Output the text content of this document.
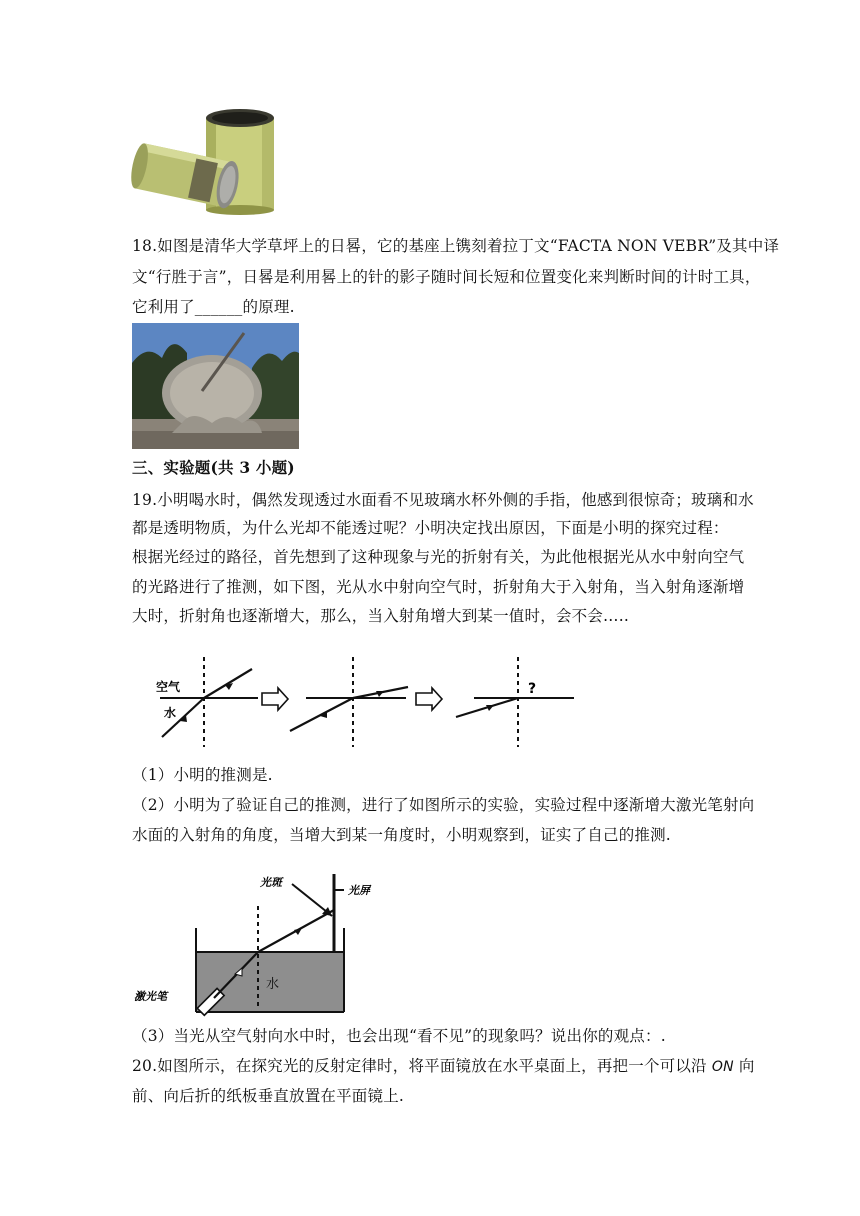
18.如图是清华大学草坪上的日晷，它的基座上镌刻着拉丁文“FACTA NON VEBR”及其中译
文“行胜于言”，日晷是利用晷上的针的影子随时间长短和位置变化来判断时间的计时工具，
它利用了______的原理.
三、实验题(共 3 小题)
19.小明喝水时，偶然发现透过水面看不见玻璃水杯外侧的手指，他感到很惊奇；玻璃和水
都是透明物质，为什么光却不能透过呢？小明决定找出原因，下面是小明的探究过程：
根据光经过的路径，首先想到了这种现象与光的折射有关，为此他根据光从水中射向空气
的光路进行了推测，如下图，光从水中射向空气时，折射角大于入射角，当入射角逐渐增
大时，折射角也逐渐增大，那么，当入射角增大到某一值时，会不会…..
空气
水
?
（1）小明的推测是.
（2）小明为了验证自己的推测，进行了如图所示的实验，实验过程中逐渐增大激光笔射向
水面的入射角的角度，当增大到某一角度时，小明观察到，证实了自己的推测.
光斑
光屏
激光笔
水
（3）当光从空气射向水中时，也会出现“看不见”的现象吗？说出你的观点：.
20.如图所示，在探究光的反射定律时，将平面镜放在水平桌面上，再把一个可以沿 ON 向
前、向后折的纸板垂直放置在平面镜上.
